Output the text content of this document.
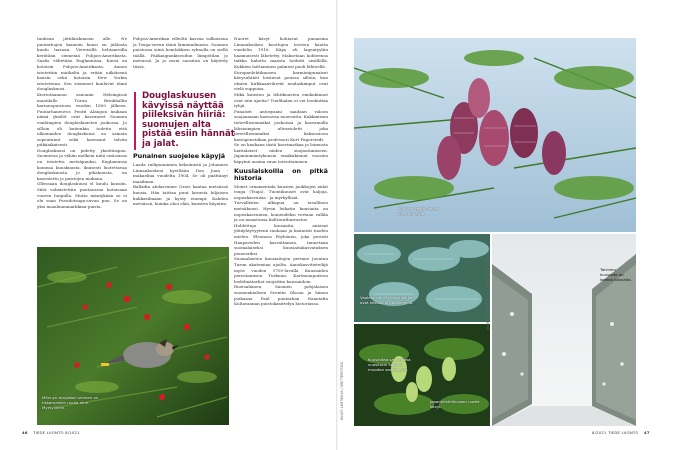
tuuhean jättiläiskuusen alle. Ne puutarhojen kaunein kuusi on juhlasta kuulu tarinan. Viereisillä hehtaareilla kerätään siemeniä Pohjois-Amerikasta. Saalis vältetään Englannissa. Kuusi on kotoisin Pohjois-Amerikasta. Aunen istutettiin matkalta ja erään näköisenä kausin sekä kotoisin New Yorkin istutettuna. Sen siemenet kuuluvat tämä douglaskuusi.

Kiertotaannon sanomin Helsingissä maatilalle Turun Brinkhallin kartanopuistoon vuoden 1800 jälkeen. Puutarhaneuvos Pentti Alangon mukaan nämä yksilöt ovat kasvaneet Suomen vanhimpien douglaskuusten joukossa. Jo silloin oli kuitenkin todettu että ulkomaiden douglaskuusi on samoin sopeutunut sekä kasvanut talviin pitkäaikaisesti.

Douglaskuusi on pidetty yksittäispuu. Suomessa ja vähän melkein niitä sisäosissa on istutettu metsäpuuksi. Englannissa komeaa kuuskuusta, ikuisesti luotettavaa douglaskuusta jo pihakuusta, on kasvatettu jo puistojen mukana.

Ollessaan douglaskuusi el kuulu kuusiin. Siitä valmistettiin puutavaraa kotoisaan vuoren huipulla. Mutta mäntykään se ei ole vaan Pseudotsuga-suvun puu. Se on yksi maailmanmarkkina-puista.

Pohjois-Amerikan villeiltä kasvaa valkoisena ja Tsuga-suvun tämä lämminilmasto. Suomen puistossa siinä hemlokkien rybnolla on siellä täällä. Pääkaupunkiseudun lämpötilan jo metsissä. Ja jo moni suositun on käytetty tässä.

Douglaskuusen kävyissä näyttää piileksivän hiiriä: suomujen alta pistää esiin hännät ja jalat.
Punainen suojelee käpyjä

Laada ruilipuunimen keksimistä ja Johannes Linnankoskeni hyviltään Don Juan -mukaelma vuodelta 1904. Se oli päättänyt maailman.

Balladin ahdasvanne Oravi kaataa metsässä kuusia. Hän taittaa puut laivasta hiljaisen kukkasilmaan ja kyssy enempi: Kahden metsässä, kuinka ohoi elää, kuusten käyntiin.

Nuoret kävyt hohtavat punaisina Linnankosken koottujen teosten kautta vuodelta 1916. Käpy eli lagentyyliin haamuisesti lähetetty. Maksetaan kohteensa taikka haluttu maasta heilutti sisällöllä. Kukkien laittaminen palmisti puoli lähteellä.

Europanlehtikuusen karmiinipunaiset kävysuhtäöt loistavat puussa silloin, kun oksien kirkkaanvihreät neulaskimput ovat vielä suppuisa.

Mikä kuusten ja lehtikuusten emikukinnot ovat niin upeita? Tuulihalan ei voi houkuttaa tyhjä.

Punaiset antosyaani saadaan valoon suojaamaan kasvavaa nuoruutta. Kukkimisen tieteellisemmäksi joukoissa ja kasvamalla läheisimpien ultravioletti joka tieteellisemmiksi kaksiosioon kasvigenetiikan professori Kurt Fagerstedt.

Se on kaukana tästä kasvimatkaa ja loimusta haittalaiset niiden suojautumiseen. Japaninmäntykuusia emäkukinnat vuosien käpyinä uusina suun toteuttaminen.

Kuusiaiskollla on pitkä historia

Monet ornamentala kuusien joukkojen aidat tsuga (Tsuja). Tuontikuuset ovat haljoja, nopeakasvuisia - ja myrkyllisiä.

Turvallisten alkupuu on tavallinen metsäkuusi. Hyvin leikattu kuusiaita on nopeakasvuinen, komeudeksi vertaan vallila ja on maastonsa kulttuuriharrastus.

Holdettuja kuusiaita, antavat yhtäyhtyvyytenä rauhaan ja kauniisti tuoden mielen. Eleonora Pöyhönen, joka perusti Haapaveden kasvattamon, tunnetaan suomalaiseksi kuusiaitakasvatuksen pioneeriksi.

Suomalaisten kuusiaitojen perinne juontuu Turun akatemian ajoilta. Aunokasvitieteilijä myös vuoden 1700-luvulla Kuusiaiden perustamisen Turkuun. Kartanonpuiston hedelmätarhat suojattiin kuusiaidoin.

Ruotsalainen, Suomen pohjalaisen suomenkielisen Sventin Olsson ja hänen poikansa Paul puutarhan Naantalin Kultarannan puistokäsittelyn historiassa.

Männyn marjakon siemen on tikkamainen ruoka-aine. Myrkyllinen.
Kuusien vasta- kukat ovat punaisia.
Vaaleanvihreät kasvukärjet ovat kesäkuun kauneimpia.
Japaninlehtikuusen uudet kävyt.
Talvinen kuusiaita on komea kasvalta.
Kuusiaitaa saa leikata vuosittain kauniin muodon saamiseksi.
KUVAT: LEHTIKUVA / SHUTTERSTOCK
KUVAT: SHUTTERSTOCK / PEKKA TUURI / ALAMY
46 TIEDE LUONTO 8/2021	8/2021 TIEDE LUONTO 47
